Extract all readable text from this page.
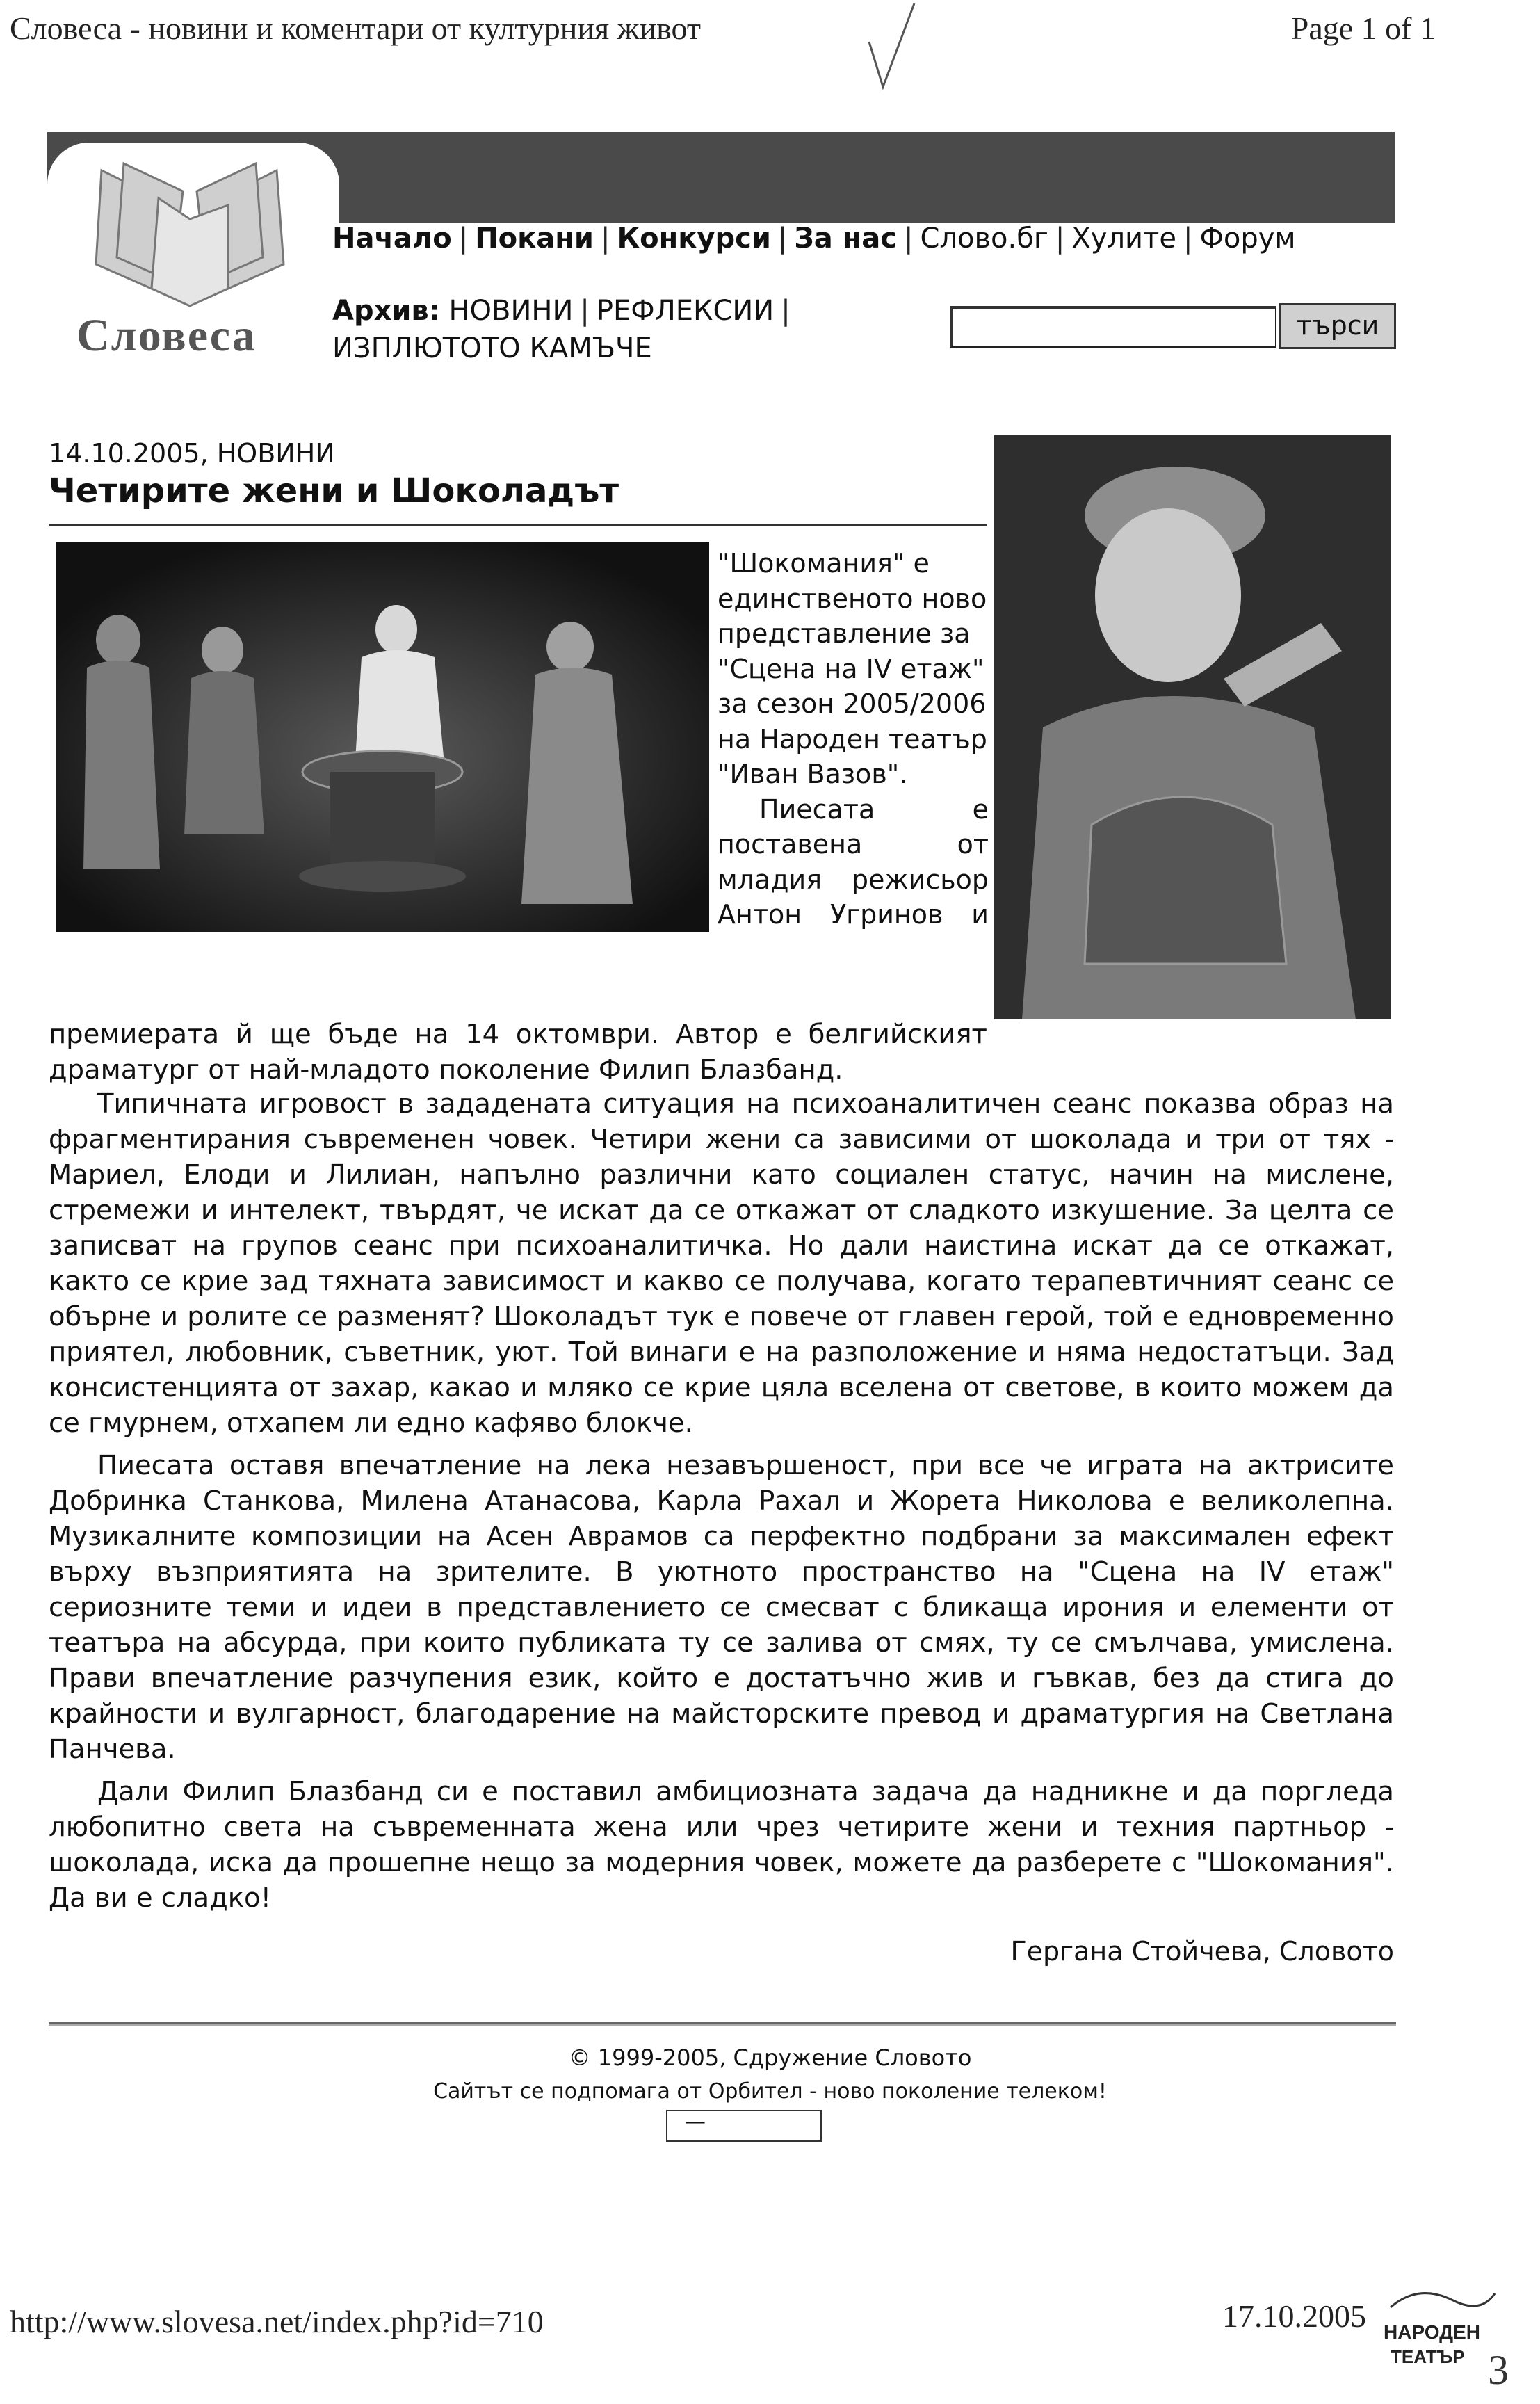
Словеса - новини и коментари от културния живот	Page 1 of 1
Словеса
Начало | Покани | Конкурси | За нас | Слово.бг | Хулите | Форум
Архив: НОВИНИ | РЕФЛЕКСИИ |
ИЗПЛЮТОТО КАМЪЧЕ
търси
14.10.2005, НОВИНИ
Четирите жени и Шоколадът

"Шокомания" е единственото ново представление за "Сцена на IV етаж" за сезон 2005/2006 на Народен театър "Иван Вазов".

Пиесата е

поставена от

младия режисьор

Антон Угринов и

премиерата й ще бъде на 14 октомври. Автор е белгийският драматург от най-младото поколение Филип Блазбанд.

Типичната игровост в зададената ситуация на психоаналитичен сеанс показва образ на фрагментирания съвременен човек. Четири жени са зависими от шоколада и три от тях - Мариел, Елоди и Лилиан, напълно различни като социален статус, начин на мислене, стремежи и интелект, твърдят, че искат да се откажат от сладкото изкушение. За целта се записват на групов сеанс при психоаналитичка. Но дали наистина искат да се откажат, както се крие зад тяхната зависимост и какво се получава, когато терапевтичният сеанс се обърне и ролите се разменят? Шоколадът тук е повече от главен герой, той е едновременно приятел, любовник, съветник, уют. Той винаги е на разположение и няма недостатъци. Зад консистенцията от захар, какао и мляко се крие цяла вселена от светове, в които можем да се гмурнем, отхапем ли едно кафяво блокче.

Пиесата оставя впечатление на лека незавършеност, при все че играта на актрисите Добринка Станкова, Милена Атанасова, Карла Рахал и Жорета Николова е великолепна. Музикалните композиции на Асен Аврамов са перфектно подбрани за максимален ефект върху възприятията на зрителите. В уютното пространство на "Сцена на IV етаж" сериозните теми и идеи в представлението се смесват с бликаща ирония и елементи от театъра на абсурда, при които публиката ту се залива от смях, ту се смълчава, умислена. Прави впечатление разчупения език, който е достатъчно жив и гъвкав, без да стига до крайности и вулгарност, благодарение на майсторските превод и драматургия на Светлана Панчева.

Дали Филип Блазбанд си е поставил амбициозната задача да надникне и да поргледа любопитно света на съвременната жена или чрез четирите жени и техния партньор - шоколада, иска да прошепне нещо за модерния човек, можете да разберете с "Шокомания". Да ви е сладко!

Гергана Стойчева, Словото
© 1999-2005, Сдружение Словото
Сайтът се подпомага от Орбител - ново поколение телеком!
—
http://www.slovesa.net/index.php?id=710	17.10.2005 НАРОДЕН
ТЕАТЪР 3
